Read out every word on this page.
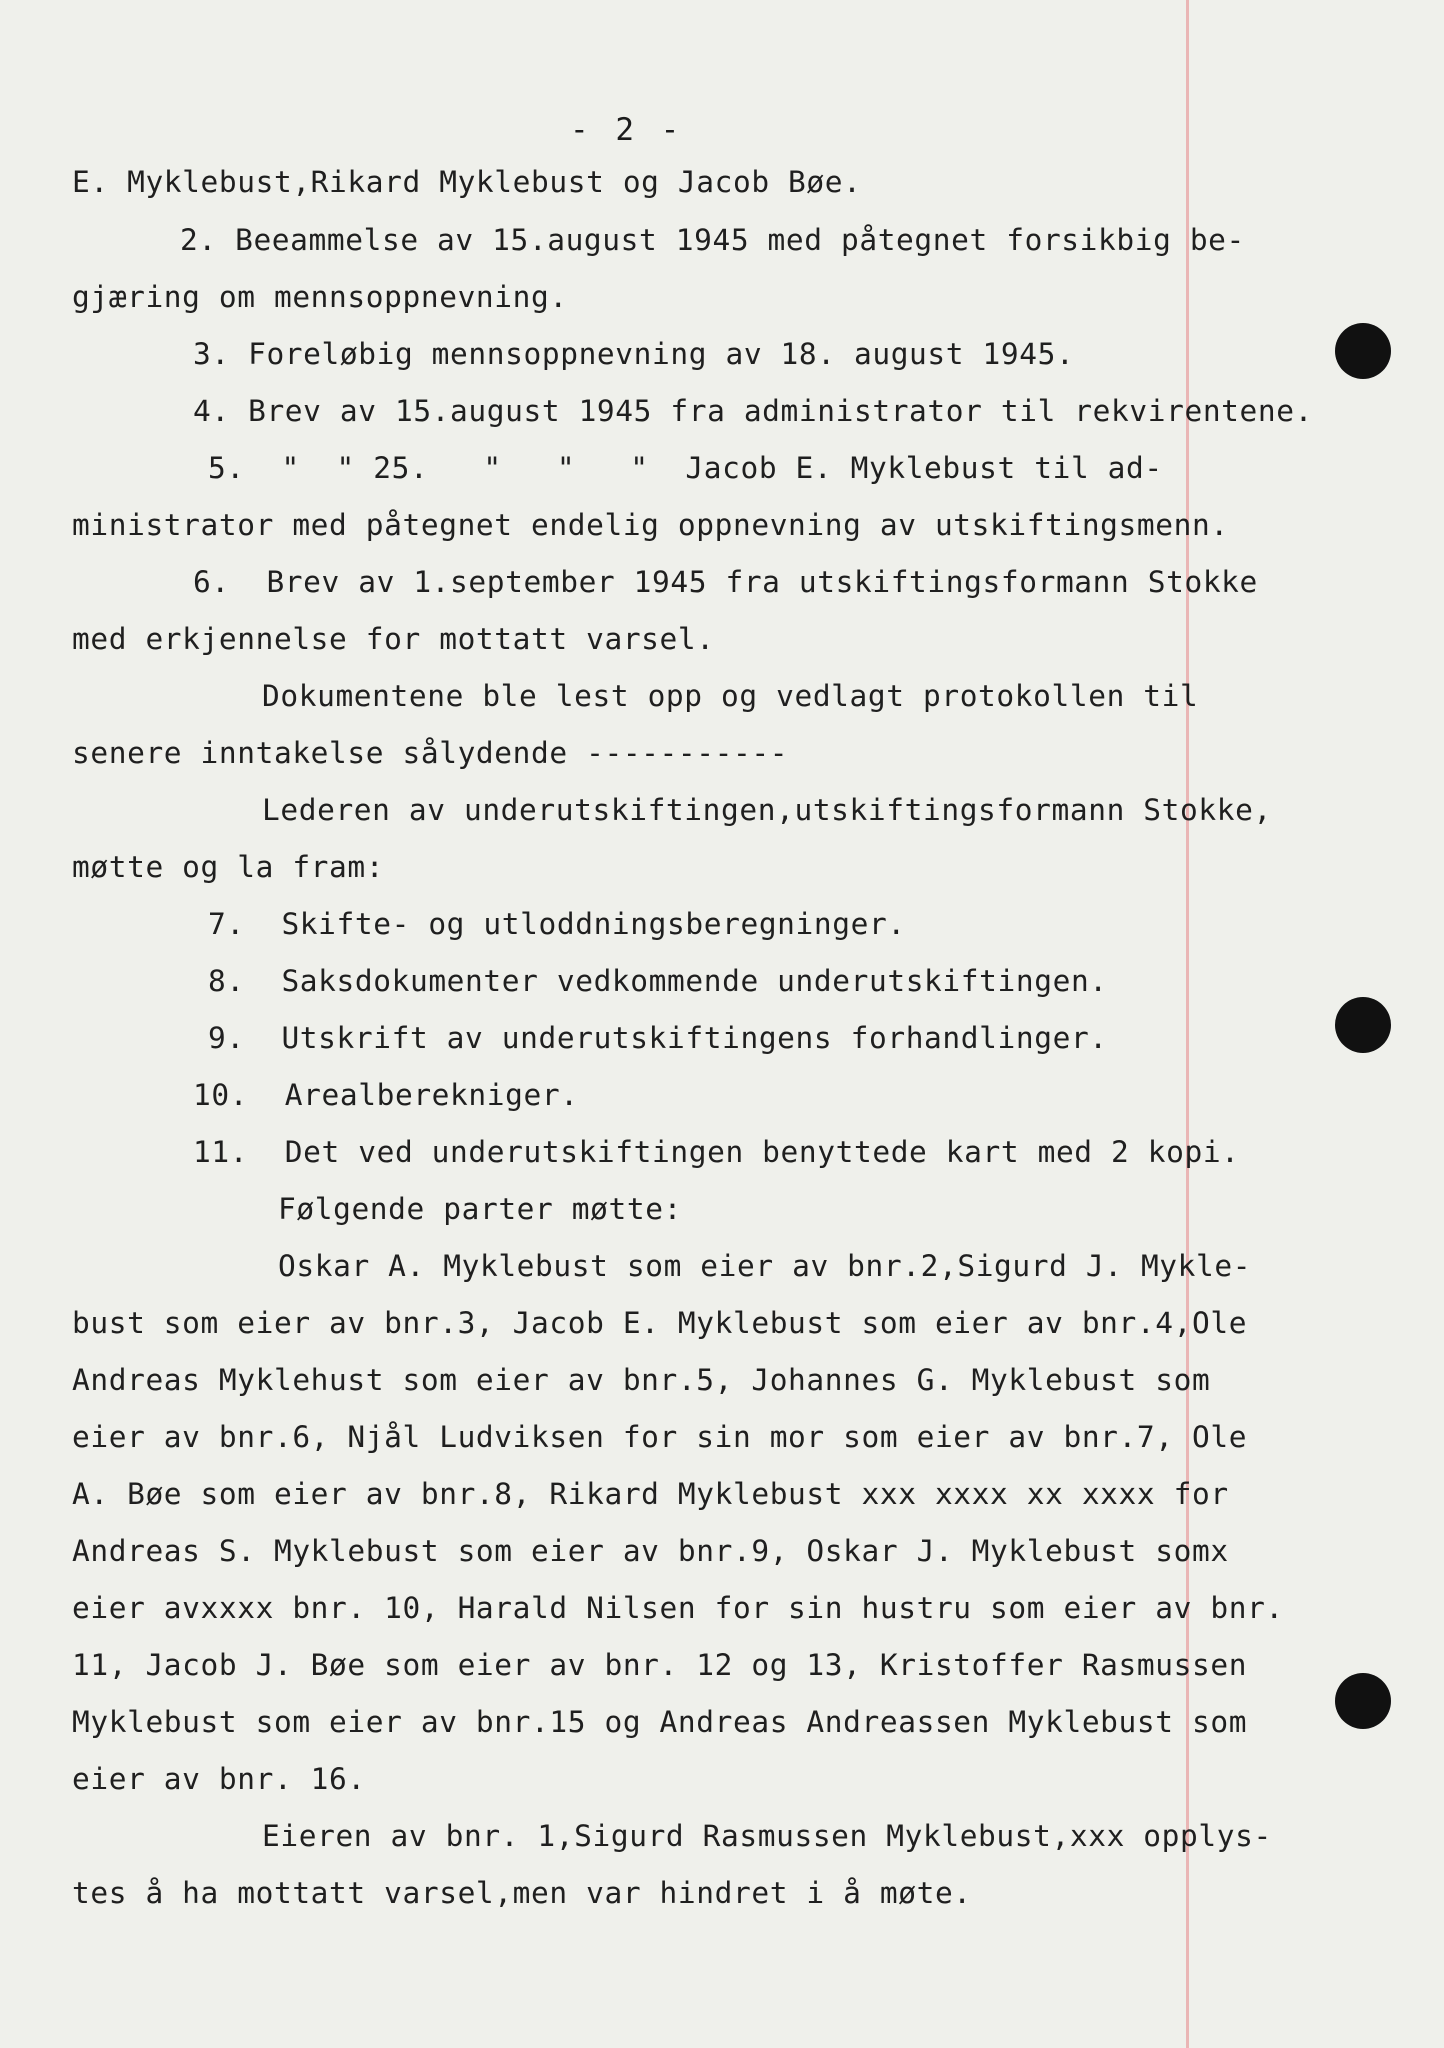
- 2 -
E. Myklebust,Rikard Myklebust og Jacob Bøe.
2. Beeammelse av 15.august 1945 med påtegnet forsikbig be-
gjæring om mennsoppnevning.
3. Foreløbig mennsoppnevning av 18. august 1945.
4. Brev av 15.august 1945 fra administrator til rekvirentene.
5.  "  " 25.   "   "   "  Jacob E. Myklebust til ad-
ministrator med påtegnet endelig oppnevning av utskiftingsmenn.
6.  Brev av 1.september 1945 fra utskiftingsformann Stokke
med erkjennelse for mottatt varsel.
Dokumentene ble lest opp og vedlagt protokollen til
senere inntakelse sålydende -----------
Lederen av underutskiftingen,utskiftingsformann Stokke,
møtte og la fram:
7.  Skifte- og utloddningsberegninger.
8.  Saksdokumenter vedkommende underutskiftingen.
9.  Utskrift av underutskiftingens forhandlinger.
10.  Arealberekniger.
11.  Det ved underutskiftingen benyttede kart med 2 kopi.
Følgende parter møtte:
Oskar A. Myklebust som eier av bnr.2,Sigurd J. Mykle-
bust som eier av bnr.3, Jacob E. Myklebust som eier av bnr.4,Ole
Andreas Myklehust som eier av bnr.5, Johannes G. Myklebust som
eier av bnr.6, Njål Ludviksen for sin mor som eier av bnr.7, Ole
A. Bøe som eier av bnr.8, Rikard Myklebust xxx xxxx xx xxxx for
Andreas S. Myklebust som eier av bnr.9, Oskar J. Myklebust somx
eier avxxxx bnr. 10, Harald Nilsen for sin hustru som eier av bnr.
11, Jacob J. Bøe som eier av bnr. 12 og 13, Kristoffer Rasmussen
Myklebust som eier av bnr.15 og Andreas Andreassen Myklebust som
eier av bnr. 16.
Eieren av bnr. 1,Sigurd Rasmussen Myklebust,xxx opplys-
tes å ha mottatt varsel,men var hindret i å møte.
